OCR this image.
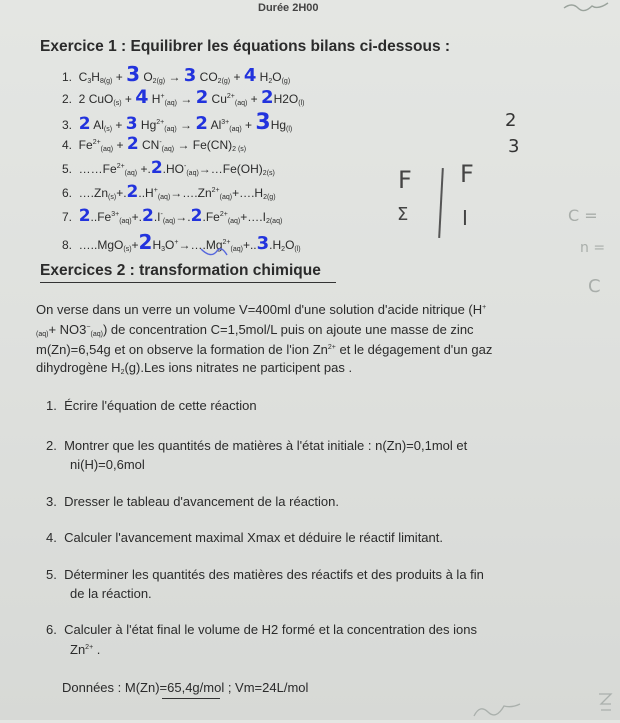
Durée 2H00
Exercice 1 : Equilibrer les équations bilans ci-dessous :
1.  $C_3H_{8(g)} + 3$ $O_{2(g)} \to 3$ $CO_{2(g)} + 4$ $H_2O_{(g)}$
2.  2 CuO$_{(s)}$ + 4 $H^+_{(aq)} \to 2$ $Cu^{2+}_{(aq)} + 2H2O_{(l)}$
3. 2 $Al_{(s)} + 3$ $Hg^{2+}_{(aq)} \to 2$ $Al^{3+}_{(aq)} + 3Hg_{(l)}$
4.  $Fe^{2+}_{(aq)} + 2$ $CN^-_{(aq)} \to Fe(CN)_{2 (s)}$
5.  $\dots\dots Fe^{2+}_{(aq)}$ $+.2.HO^-_{(aq)}\to\dots Fe(OH)_{2(s)}$
6.  $\dots.Zn_{(s)}+.2..H^+_{(aq)}\to\dots.Zn^{2+}_{(aq)}+\dots.H_{2(g)}$
7. $2..Fe^{3+}_{(aq)}+.2.I^-_{(aq)}\to.2.Fe^{2+}_{(aq)}+\dots.I_{2(aq)}$
8.  $\dots..MgO_{(s)}+2H_3O^+\to\dots.Mg^{2+}_{(aq)}+..3.H_2O_{(l)}$
2
3
F F
Σ	I	C =
n =
C
Exercices 2 : transformation chimique
On verse dans un verre un volume V=400ml d'une solution d'acide nitrique (H+
$_{(aq)}+ NO3^-_{(aq)}$) de concentration C=1,5mol/L puis on ajoute une masse de zinc
m(Zn)=6,54g et on observe la formation de l'ion $Zn^{2+}$ et le dégagement d'un gaz
dihydrogène $H_2(g).Les$ ions nitrates ne participent pas .
1. Écrire l'équation de cette réaction
2. Montrer que les quantités de matières à l'état initiale : n(Zn)=0,1mol et
ni(H)=0,6mol
3. Dresser le tableau d'avancement de la réaction.
4. Calculer l'avancement maximal Xmax et déduire le réactif limitant.
5. Déterminer les quantités des matières des réactifs et des produits à la fin
de la réaction.
6. Calculer à l'état final le volume de H2 formé et la concentration des ions
$Zn^{2+}$ .
Données : M(Zn)=65,4g/mol ; Vm=24L/mol
